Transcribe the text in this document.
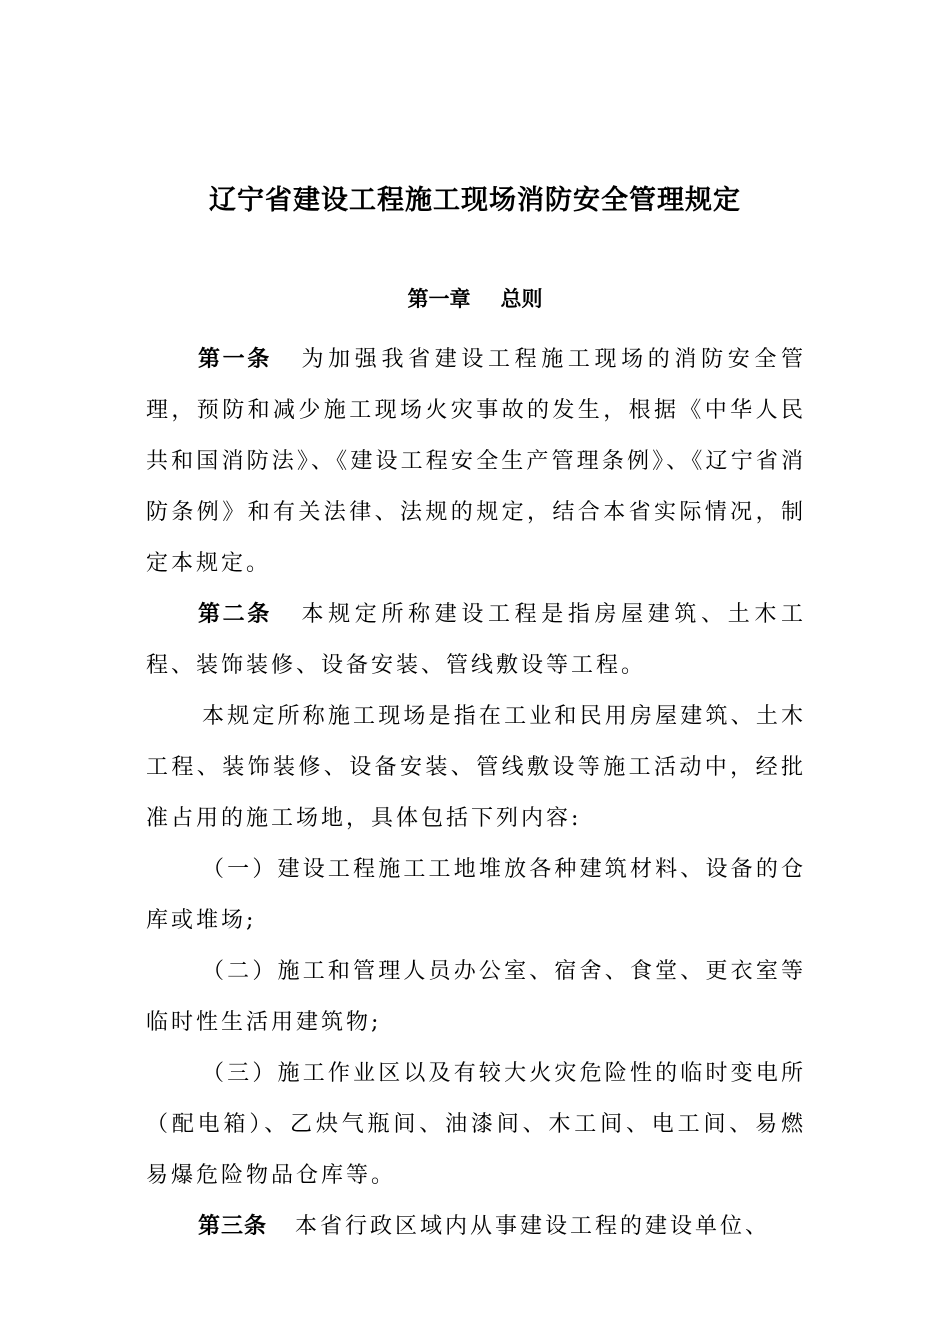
辽宁省建设工程施工现场消防安全管理规定
第一章 总则

第一条 为加强我省建设工程施工现场的消防安全管理，预防和减少施工现场火灾事故的发生，根据《中华人民共和国消防法》、《建设工程安全生产管理条例》、《辽宁省消防条例》和有关法律、法规的规定，结合本省实际情况，制定本规定。

第二条 本规定所称建设工程是指房屋建筑、土木工程、装饰装修、设备安装、管线敷设等工程。

本规定所称施工现场是指在工业和民用房屋建筑、土木工程、装饰装修、设备安装、管线敷设等施工活动中，经批准占用的施工场地，具体包括下列内容:

（一）建设工程施工工地堆放各种建筑材料、设备的仓库或堆场;

（二）施工和管理人员办公室、宿舍、食堂、更衣室等临时性生活用建筑物;

（三）施工作业区以及有较大火灾危险性的临时变电所（配电箱）、乙炔气瓶间、油漆间、木工间、电工间、易燃易爆危险物品仓库等。

第三条 本省行政区域内从事建设工程的建设单位、
